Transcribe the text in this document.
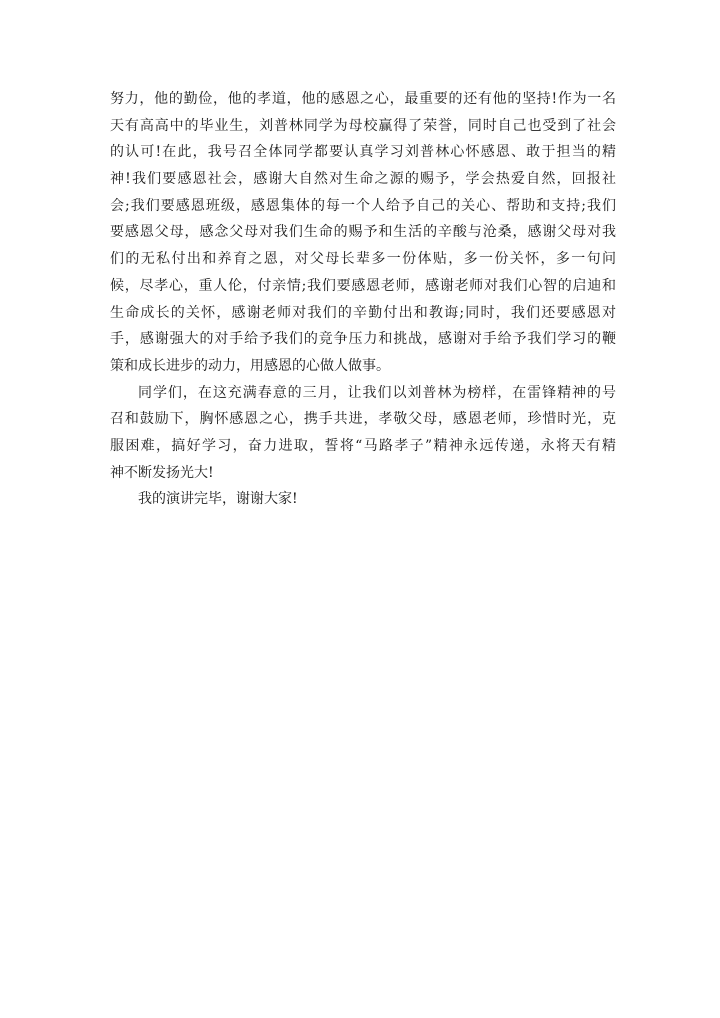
努力，他的勤俭，他的孝道，他的感恩之心，最重要的还有他的坚持!作为一名
天有高高中的毕业生，刘普林同学为母校赢得了荣誉，同时自己也受到了社会
的认可!在此，我号召全体同学都要认真学习刘普林心怀感恩、敢于担当的精
神!我们要感恩社会，感谢大自然对生命之源的赐予，学会热爱自然，回报社
会;我们要感恩班级，感恩集体的每一个人给予自己的关心、帮助和支持;我们
要感恩父母，感念父母对我们生命的赐予和生活的辛酸与沧桑，感谢父母对我
们的无私付出和养育之恩，对父母长辈多一份体贴，多一份关怀，多一句问
候，尽孝心，重人伦，付亲情;我们要感恩老师，感谢老师对我们心智的启迪和
生命成长的关怀，感谢老师对我们的辛勤付出和教诲;同时，我们还要感恩对
手，感谢强大的对手给予我们的竞争压力和挑战，感谢对手给予我们学习的鞭
策和成长进步的动力，用感恩的心做人做事。
同学们，在这充满春意的三月，让我们以刘普林为榜样，在雷锋精神的号
召和鼓励下，胸怀感恩之心，携手共进，孝敬父母，感恩老师，珍惜时光，克
服困难，搞好学习，奋力进取，誓将“马路孝子”精神永远传递，永将天有精
神不断发扬光大!
我的演讲完毕，谢谢大家!
